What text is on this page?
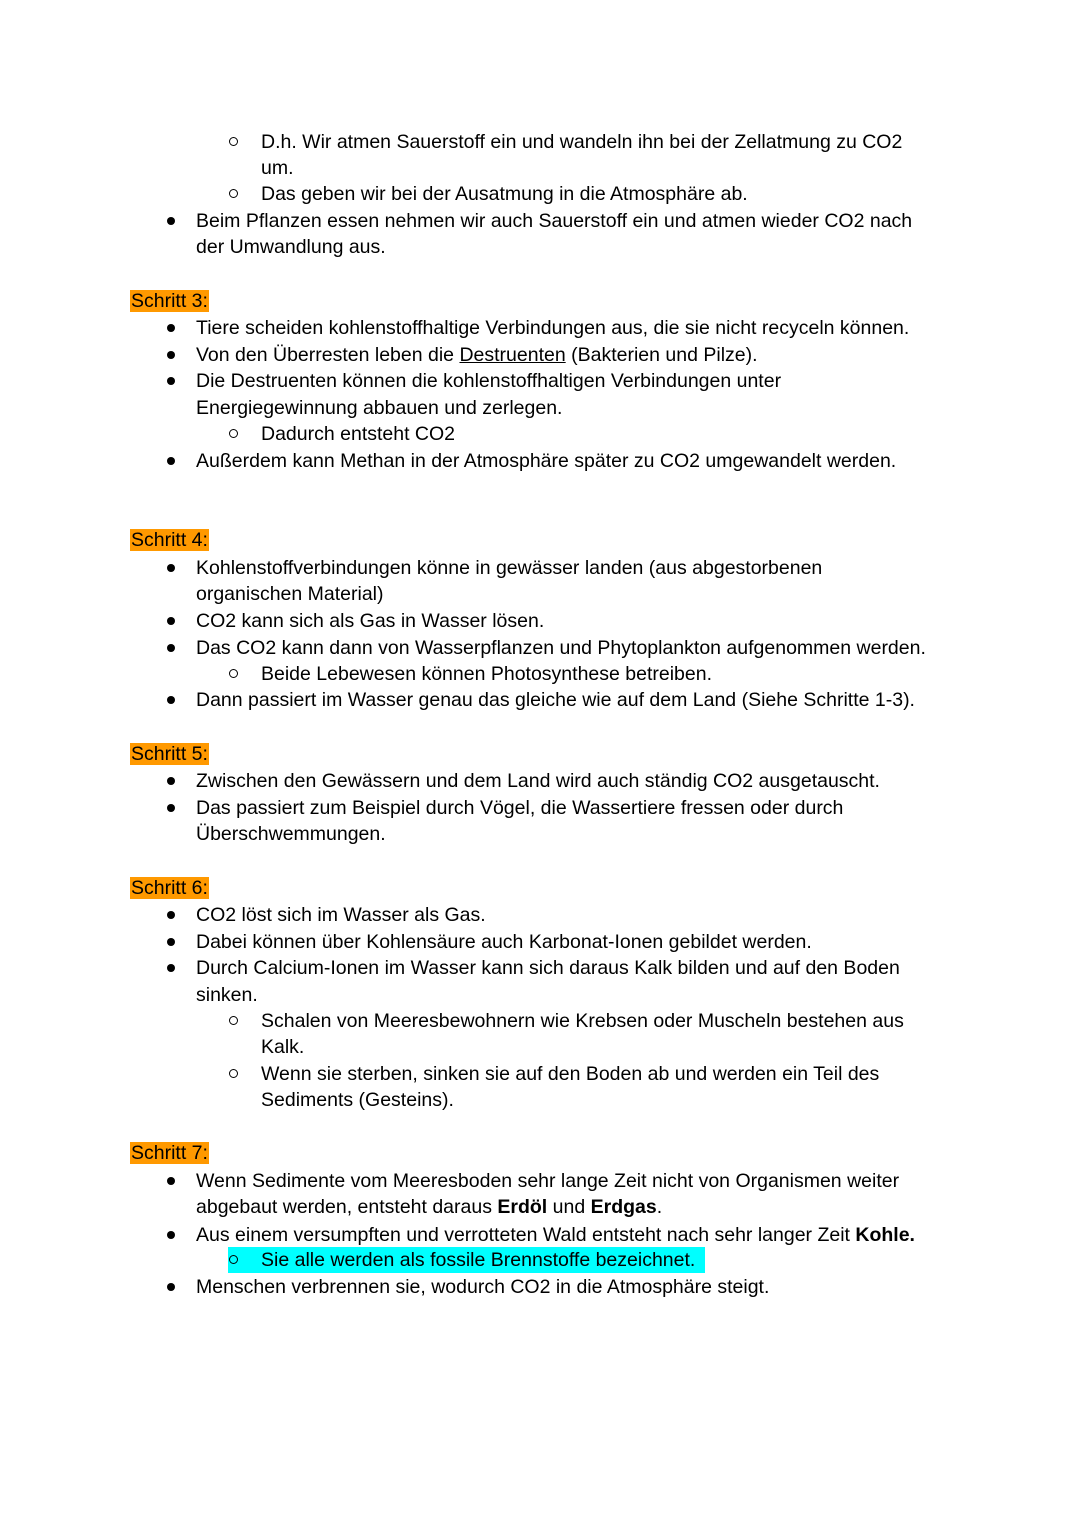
D.h. Wir atmen Sauerstoff ein und wandeln ihn bei der Zellatmung zu CO2
um.
Das geben wir bei der Ausatmung in die Atmosphäre ab.
Beim Pflanzen essen nehmen wir auch Sauerstoff ein und atmen wieder CO2 nach
der Umwandlung aus.
Schritt 3:
Tiere scheiden kohlenstoffhaltige Verbindungen aus, die sie nicht recyceln können.
Von den Überresten leben die Destruenten (Bakterien und Pilze).
Die Destruenten können die kohlenstoffhaltigen Verbindungen unter
Energiegewinnung abbauen und zerlegen.
Dadurch entsteht CO2
Außerdem kann Methan in der Atmosphäre später zu CO2 umgewandelt werden.
Schritt 4:
Kohlenstoffverbindungen könne in gewässer landen (aus abgestorbenen
organischen Material)
CO2 kann sich als Gas in Wasser lösen.
Das CO2 kann dann von Wasserpflanzen und Phytoplankton aufgenommen werden.
Beide Lebewesen können Photosynthese betreiben.
Dann passiert im Wasser genau das gleiche wie auf dem Land (Siehe Schritte 1-3).
Schritt 5:
Zwischen den Gewässern und dem Land wird auch ständig CO2 ausgetauscht.
Das passiert zum Beispiel durch Vögel, die Wassertiere fressen oder durch
Überschwemmungen.
Schritt 6:
CO2 löst sich im Wasser als Gas.
Dabei können über Kohlensäure auch Karbonat-Ionen gebildet werden.
Durch Calcium-Ionen im Wasser kann sich daraus Kalk bilden und auf den Boden
sinken.
Schalen von Meeresbewohnern wie Krebsen oder Muscheln bestehen aus
Kalk.
Wenn sie sterben, sinken sie auf den Boden ab und werden ein Teil des
Sediments (Gesteins).
Schritt 7:
Wenn Sedimente vom Meeresboden sehr lange Zeit nicht von Organismen weiter
abgebaut werden, entsteht daraus Erdöl und Erdgas.
Aus einem versumpften und verrotteten Wald entsteht nach sehr langer Zeit Kohle.
Sie alle werden als fossile Brennstoffe bezeichnet.
Menschen verbrennen sie, wodurch CO2 in die Atmosphäre steigt.
